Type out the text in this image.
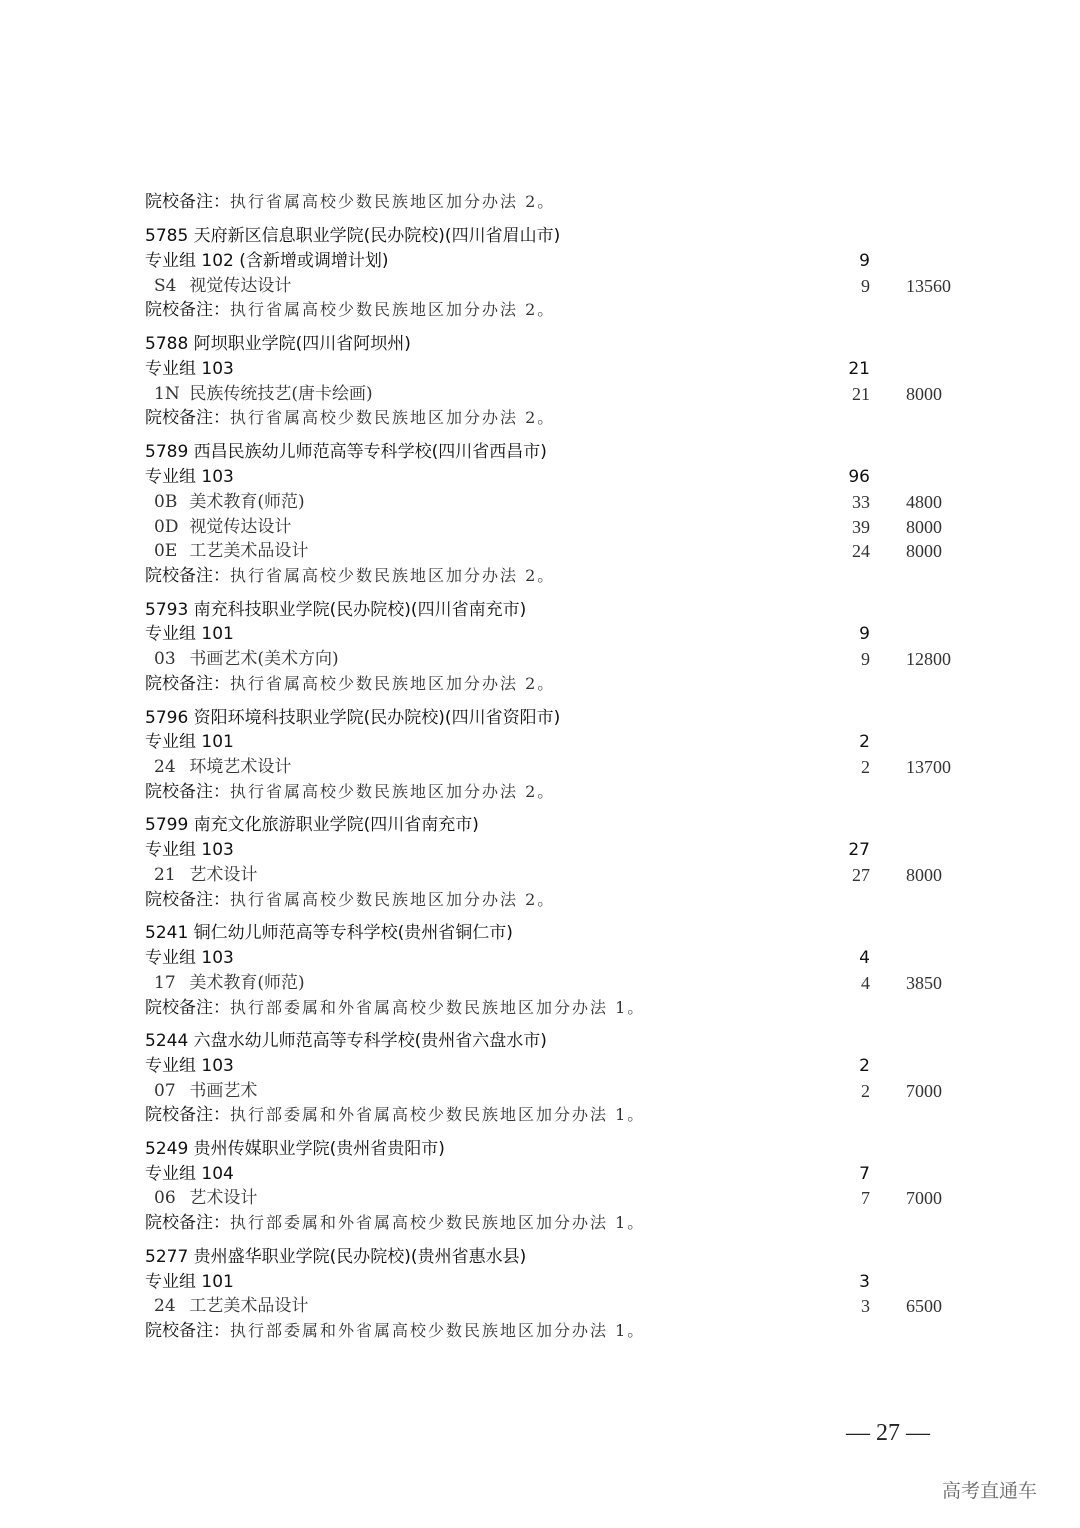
院校备注：执行省属高校少数民族地区加分办法 2。
5785 天府新区信息职业学院(民办院校)(四川省眉山市)
专业组 102 (含新增或调增计划)	9
S4 视觉传达设计	9 13560
院校备注：执行省属高校少数民族地区加分办法 2。
5788 阿坝职业学院(四川省阿坝州)
专业组 103	21
1N 民族传统技艺(唐卡绘画)	21 8000
院校备注：执行省属高校少数民族地区加分办法 2。
5789 西昌民族幼儿师范高等专科学校(四川省西昌市)
专业组 103	96
0B 美术教育(师范)	33 4800
0D 视觉传达设计	39 8000
0E 工艺美术品设计	24 8000
院校备注：执行省属高校少数民族地区加分办法 2。
5793 南充科技职业学院(民办院校)(四川省南充市)
专业组 101	9
03 书画艺术(美术方向)	9 12800
院校备注：执行省属高校少数民族地区加分办法 2。
5796 资阳环境科技职业学院(民办院校)(四川省资阳市)
专业组 101	2
24 环境艺术设计	2 13700
院校备注：执行省属高校少数民族地区加分办法 2。
5799 南充文化旅游职业学院(四川省南充市)
专业组 103	27
21 艺术设计	27 8000
院校备注：执行省属高校少数民族地区加分办法 2。
5241 铜仁幼儿师范高等专科学校(贵州省铜仁市)
专业组 103	4
17 美术教育(师范)	4 3850
院校备注：执行部委属和外省属高校少数民族地区加分办法 1。
5244 六盘水幼儿师范高等专科学校(贵州省六盘水市)
专业组 103	2
07 书画艺术	2 7000
院校备注：执行部委属和外省属高校少数民族地区加分办法 1。
5249 贵州传媒职业学院(贵州省贵阳市)
专业组 104	7
06 艺术设计	7 7000
院校备注：执行部委属和外省属高校少数民族地区加分办法 1。
5277 贵州盛华职业学院(民办院校)(贵州省惠水县)
专业组 101	3
24 工艺美术品设计	3 6500
院校备注：执行部委属和外省属高校少数民族地区加分办法 1。
— 27 —
高考直通车
